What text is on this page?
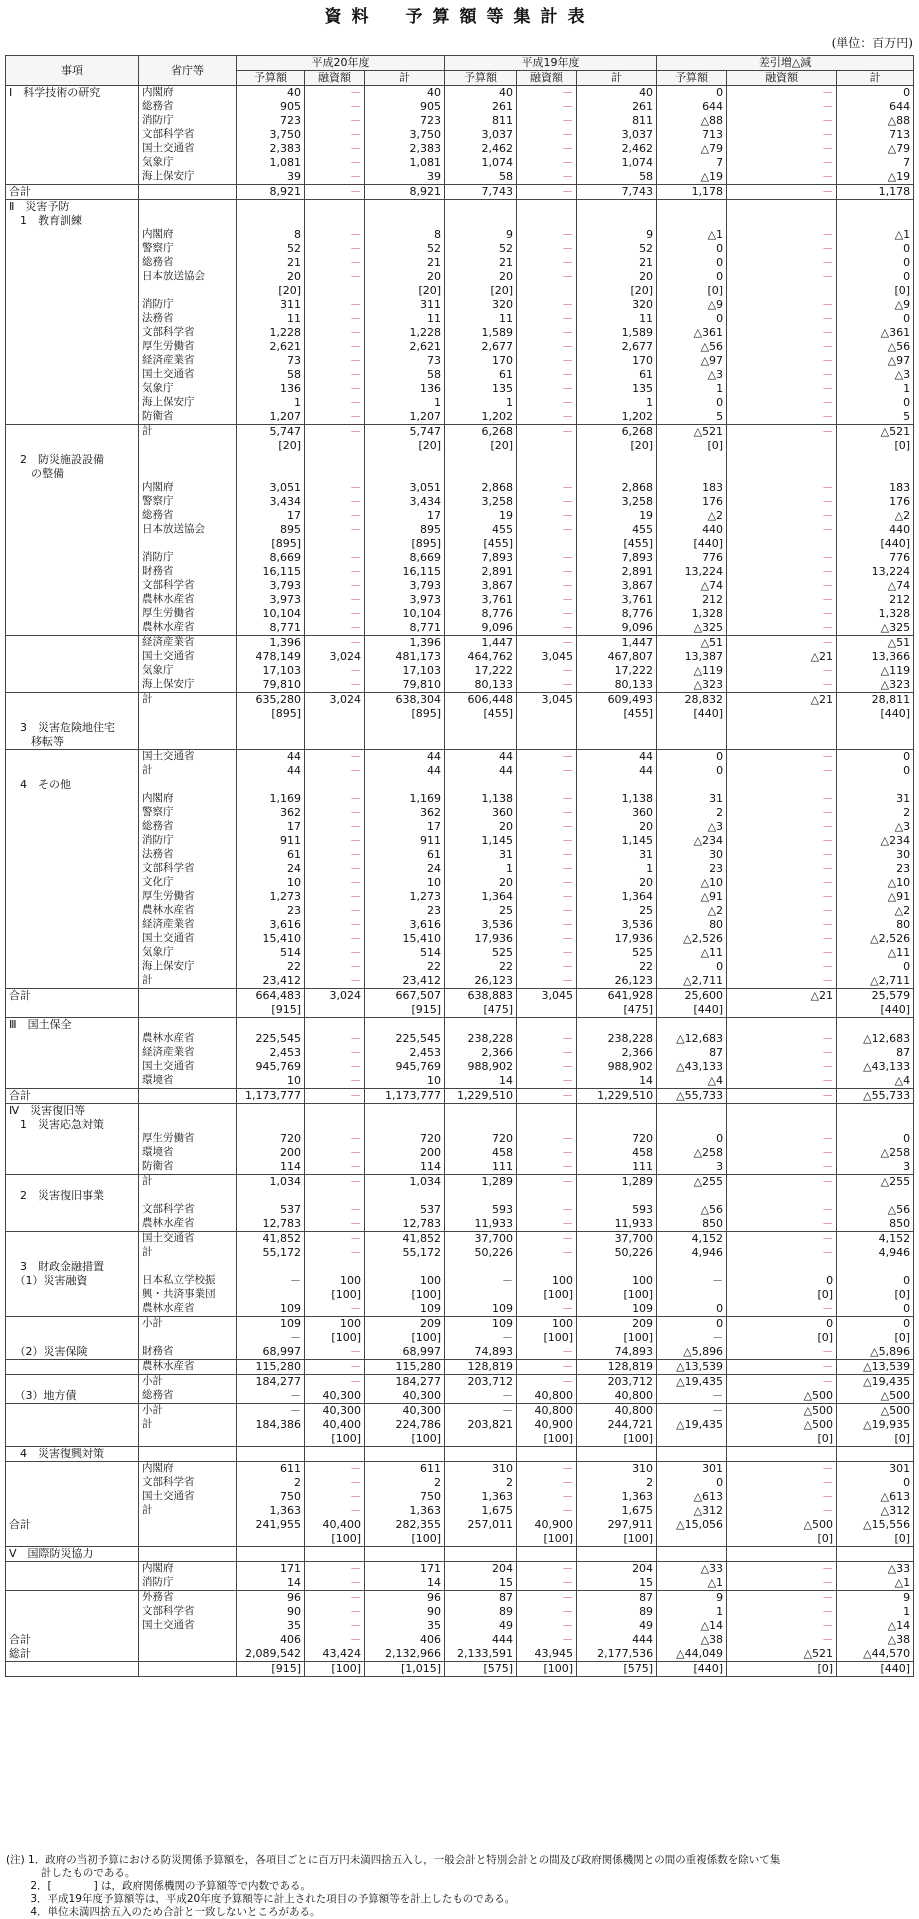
資料　予算額等集計表
(単位：百万円)
事項	省庁等	平成20年度			平成19年度			差引増△減		
		予算額	融資額	計	予算額	融資額	計	予算額	融資額	計
Ⅰ　科学技術の研究	内閣府	40	－	40	40	－	40	0	－	0
	総務省	905	－	905	261	－	261	644	－	644
	消防庁	723	－	723	811	－	811	△88	－	△88
	文部科学省	3,750	－	3,750	3,037	－	3,037	713	－	713
	国土交通省	2,383	－	2,383	2,462	－	2,462	△79	－	△79
	気象庁	1,081	－	1,081	1,074	－	1,074	7	－	7
	海上保安庁	39	－	39	58	－	58	△19	－	△19
合計		8,921	－	8,921	7,743	－	7,743	1,178	－	1,178
Ⅱ　災害予防										
　1　教育訓練										
	内閣府	8	－	8	9	－	9	△1	－	△1
	警察庁	52	－	52	52	－	52	0	－	0
	総務省	21	－	21	21	－	21	0	－	0
	日本放送協会	20	－	20	20	－	20	0	－	0
		[20]		[20]	[20]		[20]	[0]		[0]
	消防庁	311	－	311	320	－	320	△9	－	△9
	法務省	11	－	11	11	－	11	0	－	0
	文部科学省	1,228	－	1,228	1,589	－	1,589	△361	－	△361
	厚生労働省	2,621	－	2,621	2,677	－	2,677	△56	－	△56
	経済産業省	73	－	73	170	－	170	△97	－	△97
	国土交通省	58	－	58	61	－	61	△3	－	△3
	気象庁	136	－	136	135	－	135	1	－	1
	海上保安庁	1	－	1	1	－	1	0	－	0
	防衛省	1,207	－	1,207	1,202	－	1,202	5	－	5
	計	5,747	－	5,747	6,268	－	6,268	△521	－	△521
		[20]		[20]	[20]		[20]	[0]		[0]
　2　防災施設設備										
　　の整備										
	内閣府	3,051	－	3,051	2,868	－	2,868	183	－	183
	警察庁	3,434	－	3,434	3,258	－	3,258	176	－	176
	総務省	17	－	17	19	－	19	△2	－	△2
	日本放送協会	895	－	895	455	－	455	440	－	440
		[895]		[895]	[455]		[455]	[440]		[440]
	消防庁	8,669	－	8,669	7,893	－	7,893	776	－	776
	財務省	16,115	－	16,115	2,891	－	2,891	13,224	－	13,224
	文部科学省	3,793	－	3,793	3,867	－	3,867	△74	－	△74
	農林水産省	3,973	－	3,973	3,761	－	3,761	212	－	212
	厚生労働省	10,104	－	10,104	8,776	－	8,776	1,328	－	1,328
	農林水産省	8,771	－	8,771	9,096	－	9,096	△325	－	△325
	経済産業省	1,396	－	1,396	1,447	－	1,447	△51	－	△51
	国土交通省	478,149	3,024	481,173	464,762	3,045	467,807	13,387	△21	13,366
	気象庁	17,103	－	17,103	17,222	－	17,222	△119	－	△119
	海上保安庁	79,810	－	79,810	80,133	－	80,133	△323	－	△323
	計	635,280	3,024	638,304	606,448	3,045	609,493	28,832	△21	28,811
		[895]		[895]	[455]		[455]	[440]		[440]
　3　災害危険地住宅										
　　移転等										
	国土交通省	44	－	44	44	－	44	0	－	0
	計	44	－	44	44	－	44	0	－	0
　4　その他										
	内閣府	1,169	－	1,169	1,138	－	1,138	31	－	31
	警察庁	362	－	362	360	－	360	2	－	2
	総務省	17	－	17	20	－	20	△3	－	△3
	消防庁	911	－	911	1,145	－	1,145	△234	－	△234
	法務省	61	－	61	31	－	31	30	－	30
	文部科学省	24	－	24	1	－	1	23	－	23
	文化庁	10	－	10	20	－	20	△10	－	△10
	厚生労働省	1,273	－	1,273	1,364	－	1,364	△91	－	△91
	農林水産省	23	－	23	25	－	25	△2	－	△2
	経済産業省	3,616	－	3,616	3,536	－	3,536	80	－	80
	国土交通省	15,410	－	15,410	17,936	－	17,936	△2,526	－	△2,526
	気象庁	514	－	514	525	－	525	△11	－	△11
	海上保安庁	22	－	22	22	－	22	0	－	0
	計	23,412	－	23,412	26,123	－	26,123	△2,711	－	△2,711
合計		664,483	3,024	667,507	638,883	3,045	641,928	25,600	△21	25,579
		[915]		[915]	[475]		[475]	[440]		[440]
Ⅲ　国土保全										
	農林水産省	225,545	－	225,545	238,228	－	238,228	△12,683	－	△12,683
	経済産業省	2,453	－	2,453	2,366	－	2,366	87	－	87
	国土交通省	945,769	－	945,769	988,902	－	988,902	△43,133	－	△43,133
	環境省	10	－	10	14	－	14	△4	－	△4
合計		1,173,777	－	1,173,777	1,229,510	－	1,229,510	△55,733	－	△55,733
Ⅳ　災害復旧等										
　1　災害応急対策										
	厚生労働省	720	－	720	720	－	720	0	－	0
	環境省	200	－	200	458	－	458	△258	－	△258
	防衛省	114	－	114	111	－	111	3	－	3
	計	1,034	－	1,034	1,289	－	1,289	△255	－	△255
　2　災害復旧事業										
	文部科学省	537	－	537	593	－	593	△56	－	△56
	農林水産省	12,783	－	12,783	11,933	－	11,933	850	－	850
	国土交通省	41,852	－	41,852	37,700	－	37,700	4,152	－	4,152
	計	55,172	－	55,172	50,226	－	50,226	4,946	－	4,946
　3　財政金融措置										
　（1）災害融資	日本私立学校振	－	100	100	－	100	100	－	0	0
	興・共済事業団		[100]	[100]		[100]	[100]		[0]	[0]
	農林水産省	109	－	109	109	－	109	0	－	0
	小計	109	100	209	109	100	209	0	0	0
		－	[100]	[100]	－	[100]	[100]	－	[0]	[0]
　（2）災害保険	財務省	68,997	－	68,997	74,893	－	74,893	△5,896	－	△5,896
	農林水産省	115,280	－	115,280	128,819	－	128,819	△13,539	－	△13,539
	小計	184,277	－	184,277	203,712	－	203,712	△19,435	－	△19,435
　（3）地方債	総務省	－	40,300	40,300	－	40,800	40,800	－	△500	△500
	小計	－	40,300	40,300	－	40,800	40,800	－	△500	△500
	計	184,386	40,400	224,786	203,821	40,900	244,721	△19,435	△500	△19,935
			[100]	[100]		[100]	[100]		[0]	[0]
　4　災害復興対策										
	内閣府	611	－	611	310	－	310	301	－	301
	文部科学省	2	－	2	2	－	2	0	－	0
	国土交通省	750	－	750	1,363	－	1,363	△613	－	△613
	計	1,363	－	1,363	1,675	－	1,675	△312	－	△312
合計		241,955	40,400	282,355	257,011	40,900	297,911	△15,056	△500	△15,556
			[100]	[100]		[100]	[100]		[0]	[0]
Ⅴ　国際防災協力										
	内閣府	171	－	171	204	－	204	△33	－	△33
	消防庁	14	－	14	15	－	15	△1	－	△1
	外務省	96	－	96	87	－	87	9	－	9
	文部科学省	90	－	90	89	－	89	1	－	1
	国土交通省	35	－	35	49	－	49	△14	－	△14
合計		406	－	406	444	－	444	△38	－	△38
総計		2,089,542	43,424	2,132,966	2,133,591	43,945	2,177,536	△44,049	△521	△44,570
		[915]	[100]	[1,015]	[575]	[100]	[575]	[440]	[0]	[440]
(注) 1．政府の当初予算における防災関係予算額を，各項目ごとに百万円未満四捨五入し，一般会計と特別会計との間及び政府関係機関との間の重複係数を除いて集
　　　 計したものである。
　　 2．[　　　　] は，政府関係機関の予算額等で内数である。
　　 3．平成19年度予算額等は，平成20年度予算額等に計上された項目の予算額等を計上したものである。
　　 4．単位未満四捨五入のため合計と一致しないところがある。
